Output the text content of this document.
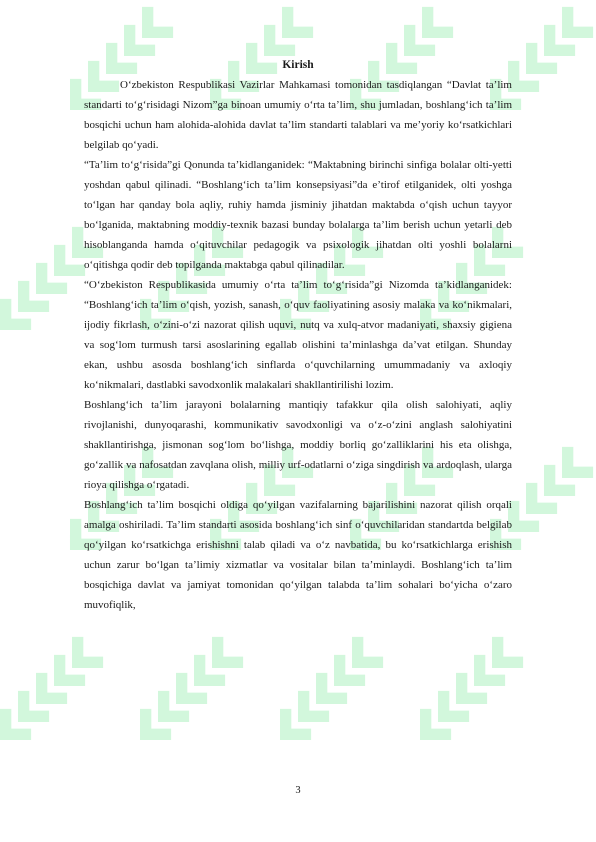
Kirish

O‘zbekiston Respublikasi Vazirlar Mahkamasi tomonidan tasdiqlangan “Davlat ta’lim standarti to‘g‘risidagi Nizom”ga binoan umumiy o‘rta ta’lim, shu jumladan, boshlang‘ich ta’lim bosqichi uchun ham alohida-alohida davlat ta’lim standarti talablari va me’yoriy ko‘rsatkichlari belgilab qo‘yadi.

“Ta’lim to‘g‘risida”gi Qonunda ta’kidlanganidek: “Maktabning birinchi sinfiga bolalar olti-yetti yoshdan qabul qilinadi. “Boshlang‘ich ta’lim konsepsiyasi”da e’tirof etilganidek, olti yoshga to‘lgan har qanday bola aqliy, ruhiy hamda jisminiy jihatdan maktabda o‘qish uchun tayyor bo‘lganida, maktabning moddiy-texnik bazasi bunday bolalarga ta’lim berish uchun yetarli deb hisoblanganda hamda o‘qituvchilar pedagogik va psixologik jihatdan olti yoshli bolalarni o‘qitishga qodir deb topilganda maktabga qabul qilinadilar.

“O‘zbekiston Respublikasida umumiy o‘rta ta’lim to‘g‘risida”gi Nizomda ta’kidlanganidek: “Boshlang‘ich ta’lim o‘qish, yozish, sanash, o‘quv faoliyatining asosiy malaka va ko‘nikmalari, ijodiy fikrlash, o‘zini-o‘zi nazorat qilish uquvi, nutq va xulq-atvor madaniyati, shaxsiy gigiena va sog‘lom turmush tarsi asoslarining egallab olishini ta’minlashga da’vat etilgan. Shunday ekan, ushbu asosda boshlang‘ich sinflarda o‘quvchilarning umummadaniy va axloqiy ko‘nikmalari, dastlabki savodxonlik malakalari shakllantirilishi lozim.

Boshlang‘ich ta’lim jarayoni bolalarning mantiqiy tafakkur qila olish salohiyati, aqliy rivojlanishi, dunyoqarashi, kommunikativ savodxonligi va o‘z-o‘zini anglash salohiyatini shakllantirishga, jismonan sog‘lom bo‘lishga, moddiy borliq go‘zalliklarini his eta olishga, go‘zallik va nafosatdan zavqlana olish, milliy urf-odatlarni o‘ziga singdirish va ardoqlash, ularga rioya qilishga o‘rgatadi.

Boshlang‘ich ta’lim bosqichi oldiga qo‘yilgan vazifalarning bajarilishini nazorat qilish orqali amalga oshiriladi. Ta’lim standarti asosida boshlang‘ich sinf o‘quvchilaridan standartda belgilab qo‘yilgan ko‘rsatkichga erishishni talab qiladi va o‘z navbatida, bu ko‘rsatkichlarga erishish uchun zarur bo‘lgan ta’limiy xizmatlar va vositalar bilan ta’minlaydi. Boshlang‘ich ta’lim bosqichiga davlat va jamiyat tomonidan qo‘yilgan talabda ta’lim sohalari bo‘yicha o‘zaro muvofiqlik,

3
